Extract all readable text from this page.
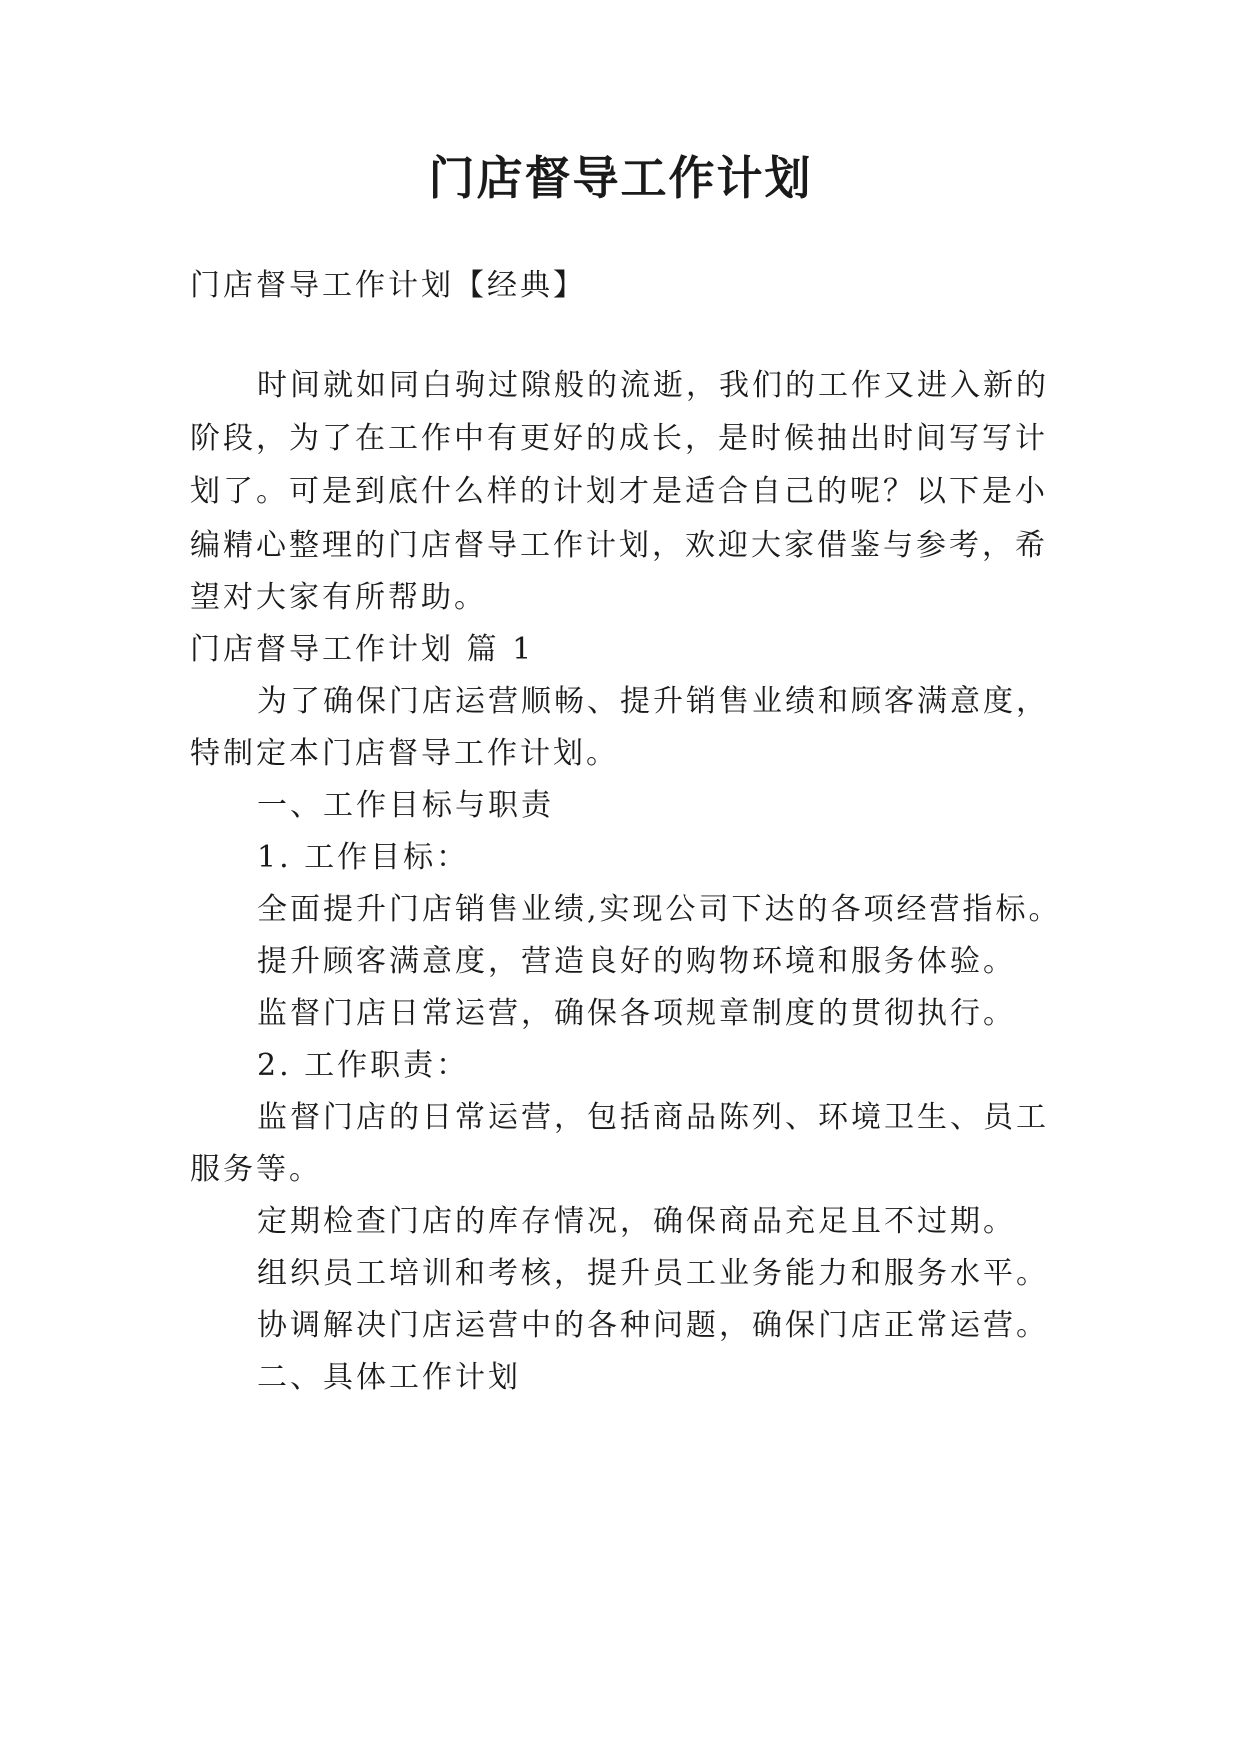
门店督导工作计划
门店督导工作计划【经典】
时间就如同白驹过隙般的流逝，我们的工作又进入新的
阶段，为了在工作中有更好的成长，是时候抽出时间写写计
划了。可是到底什么样的计划才是适合自己的呢？以下是小
编精心整理的门店督导工作计划，欢迎大家借鉴与参考，希
望对大家有所帮助。
门店督导工作计划 篇 1
为了确保门店运营顺畅、提升销售业绩和顾客满意度，
特制定本门店督导工作计划。
一、工作目标与职责
1. 工作目标：
全面提升门店销售业绩,实现公司下达的各项经营指标。
提升顾客满意度，营造良好的购物环境和服务体验。
监督门店日常运营，确保各项规章制度的贯彻执行。
2. 工作职责：
监督门店的日常运营，包括商品陈列、环境卫生、员工
服务等。
定期检查门店的库存情况，确保商品充足且不过期。
组织员工培训和考核，提升员工业务能力和服务水平。
协调解决门店运营中的各种问题，确保门店正常运营。
二、具体工作计划
